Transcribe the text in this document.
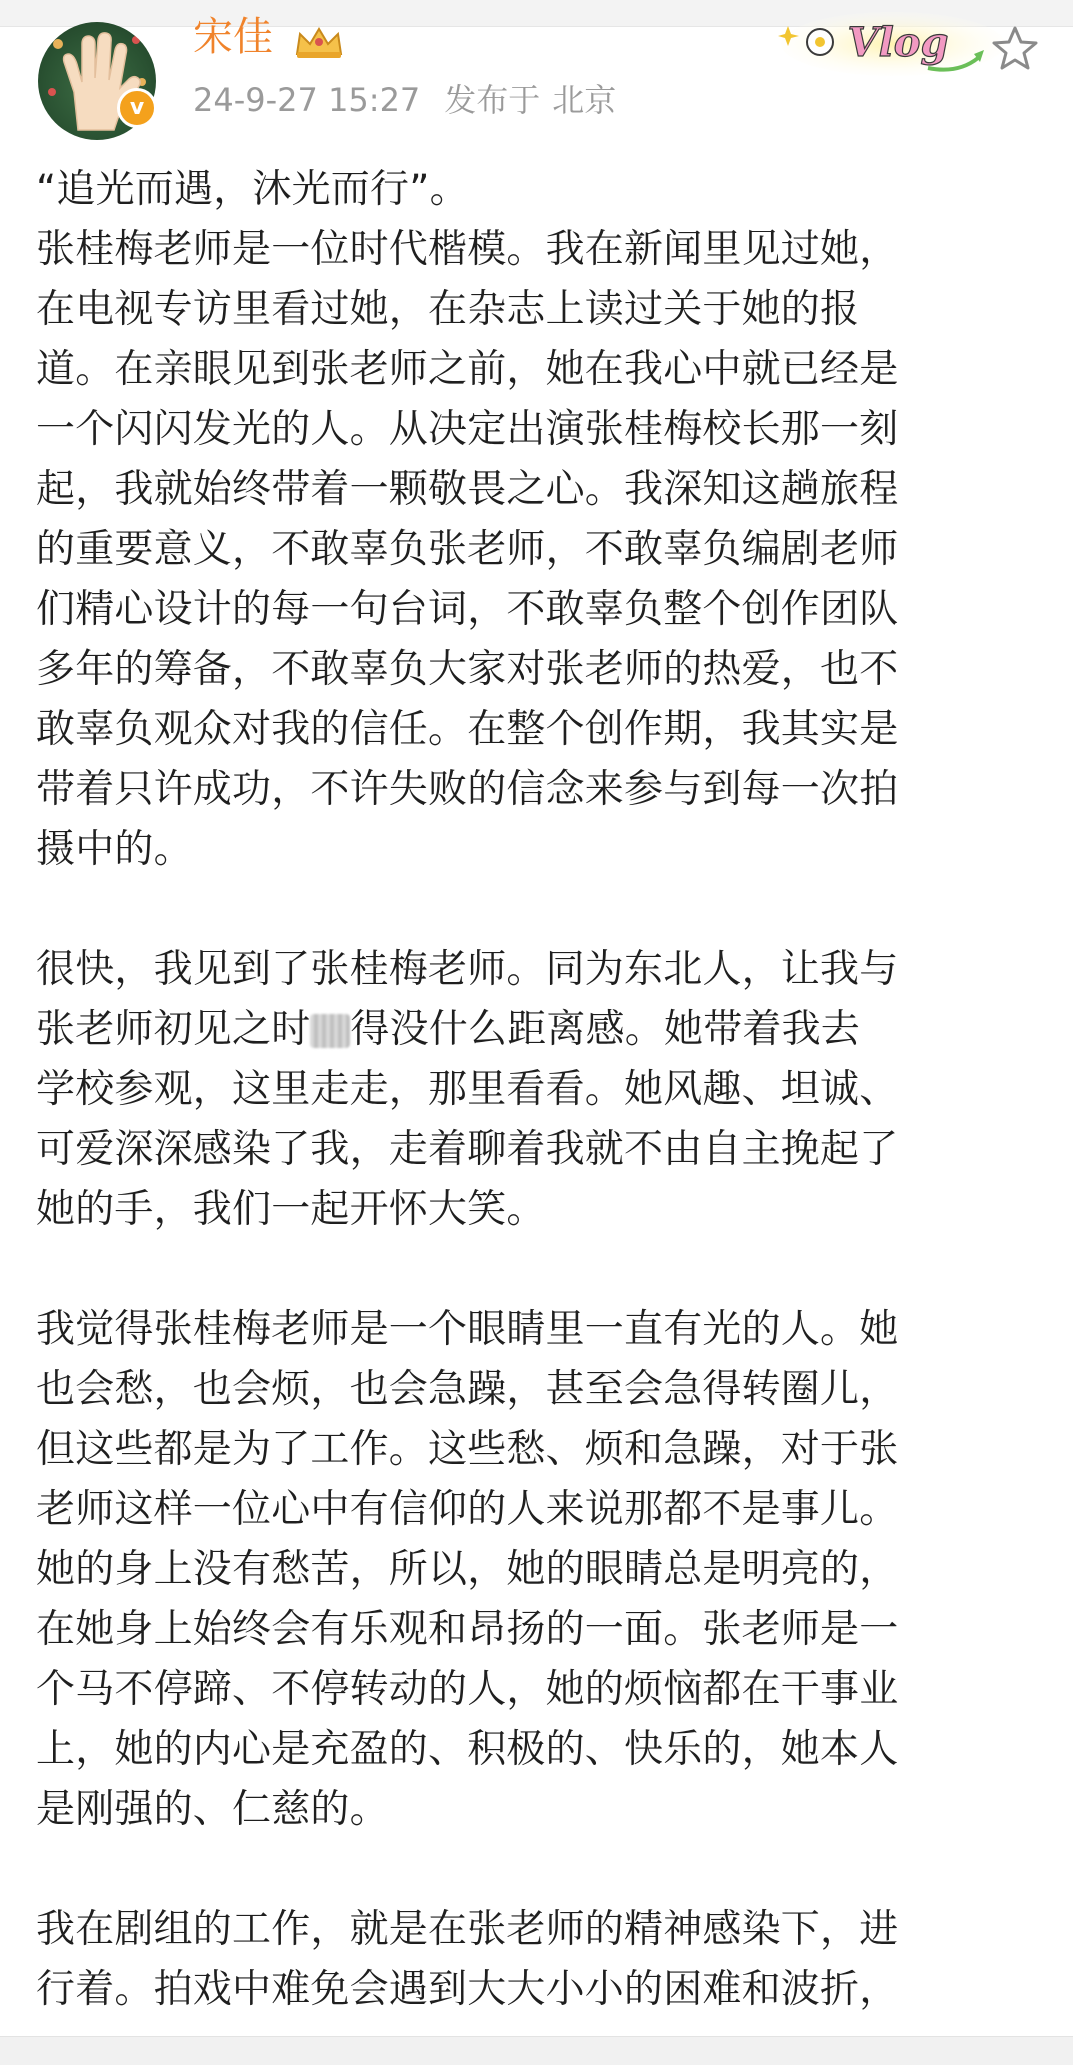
v
宋佳
24-9-27 15:27 发布于 北京
Vlog
“追光而遇，沐光而行”。
张桂梅老师是一位时代楷模。我在新闻里见过她，
在电视专访里看过她，在杂志上读过关于她的报
道。在亲眼见到张老师之前，她在我心中就已经是
一个闪闪发光的人。从决定出演张桂梅校长那一刻
起，我就始终带着一颗敬畏之心。我深知这趟旅程
的重要意义，不敢辜负张老师，不敢辜负编剧老师
们精心设计的每一句台词，不敢辜负整个创作团队
多年的筹备，不敢辜负大家对张老师的热爱，也不
敢辜负观众对我的信任。在整个创作期，我其实是
带着只许成功，不许失败的信念来参与到每一次拍
摄中的。
很快，我见到了张桂梅老师。同为东北人，让我与
张老师初见之时 得没什么距离感。她带着我去
学校参观，这里走走，那里看看。她风趣、坦诚、
可爱深深感染了我，走着聊着我就不由自主挽起了
她的手，我们一起开怀大笑。
我觉得张桂梅老师是一个眼睛里一直有光的人。她
也会愁，也会烦，也会急躁，甚至会急得转圈儿，
但这些都是为了工作。这些愁、烦和急躁，对于张
老师这样一位心中有信仰的人来说那都不是事儿。
她的身上没有愁苦，所以，她的眼睛总是明亮的，
在她身上始终会有乐观和昂扬的一面。张老师是一
个马不停蹄、不停转动的人，她的烦恼都在干事业
上，她的内心是充盈的、积极的、快乐的，她本人
是刚强的、仁慈的。
我在剧组的工作，就是在张老师的精神感染下，进
行着。拍戏中难免会遇到大大小小的困难和波折，
